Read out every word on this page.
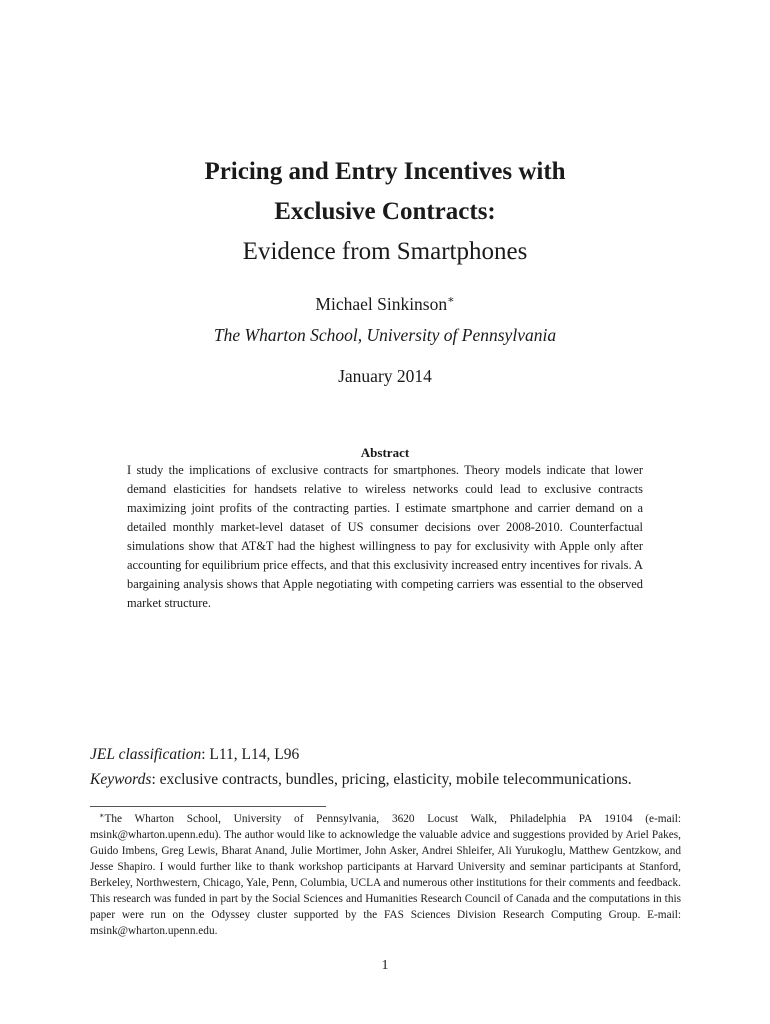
Pricing and Entry Incentives with
Exclusive Contracts:
Evidence from Smartphones
Michael Sinkinson∗
The Wharton School, University of Pennsylvania
January 2014
Abstract
I study the implications of exclusive contracts for smartphones. Theory models indicate that lower demand elasticities for handsets relative to wireless networks could lead to exclusive contracts maximizing joint profits of the contracting parties. I estimate smartphone and carrier demand on a detailed monthly market-level dataset of US consumer decisions over 2008-2010. Counterfactual simulations show that AT&T had the highest willingness to pay for exclusivity with Apple only after accounting for equilibrium price effects, and that this exclusivity increased entry incentives for rivals. A bargaining analysis shows that Apple negotiating with competing carriers was essential to the observed market structure.
JEL classification: L11, L14, L96
Keywords: exclusive contracts, bundles, pricing, elasticity, mobile telecommunications.
∗The Wharton School, University of Pennsylvania, 3620 Locust Walk, Philadelphia PA 19104 (e-mail: msink@wharton.upenn.edu). The author would like to acknowledge the valuable advice and suggestions provided by Ariel Pakes, Guido Imbens, Greg Lewis, Bharat Anand, Julie Mortimer, John Asker, Andrei Shleifer, Ali Yurukoglu, Matthew Gentzkow, and Jesse Shapiro. I would further like to thank workshop participants at Harvard University and seminar participants at Stanford, Berkeley, Northwestern, Chicago, Yale, Penn, Columbia, UCLA and numerous other institutions for their comments and feedback. This research was funded in part by the Social Sciences and Humanities Research Council of Canada and the computations in this paper were run on the Odyssey cluster supported by the FAS Sciences Division Research Computing Group. E-mail: msink@wharton.upenn.edu.
1
